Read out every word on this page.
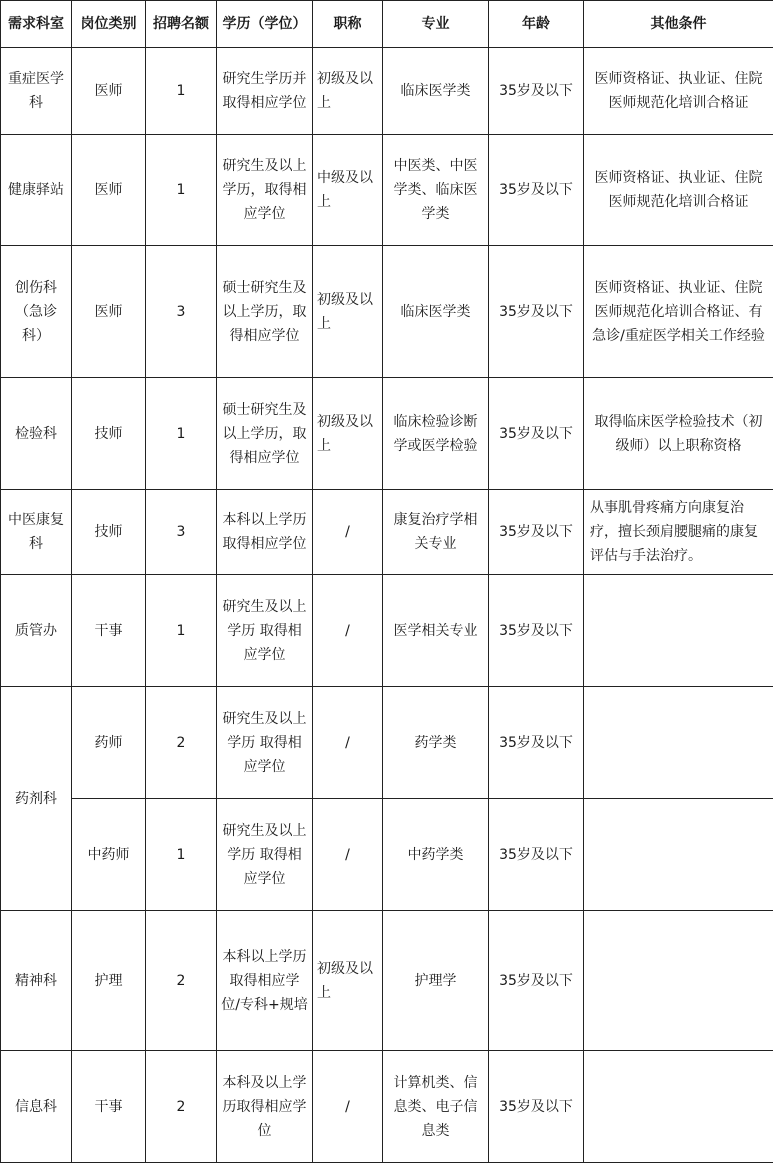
需求科室	岗位类别	招聘名额	学历（学位）	职称	专业	年龄	其他条件
重症医学科	医师	1	研究生学历并取得相应学位	初级及以上	临床医学类	35岁及以下	医师资格证、执业证、住院医师规范化培训合格证
健康驿站	医师	1	研究生及以上学历，取得相应学位	中级及以上	中医类、中医学类、临床医学类	35岁及以下	医师资格证、执业证、住院医师规范化培训合格证
创伤科（急诊科）	医师	3	硕士研究生及以上学历，取得相应学位	初级及以上	临床医学类	35岁及以下	医师资格证、执业证、住院医师规范化培训合格证、有急诊/重症医学相关工作经验
检验科	技师	1	硕士研究生及以上学历，取得相应学位	初级及以上	临床检验诊断学或医学检验	35岁及以下	取得临床医学检验技术（初级师）以上职称资格
中医康复科	技师	3	本科以上学历取得相应学位	/	康复治疗学相关专业	35岁及以下	从事肌骨疼痛方向康复治疗，擅长颈肩腰腿痛的康复评估与手法治疗。
质管办	干事	1	研究生及以上学历 取得相应学位	/	医学相关专业	35岁及以下	
药剂科	药师	2	研究生及以上学历 取得相应学位	/	药学类	35岁及以下	
	中药师	1	研究生及以上学历 取得相应学位	/	中药学类	35岁及以下	
精神科	护理	2	本科以上学历取得相应学位/专科+规培	初级及以上	护理学	35岁及以下	
信息科	干事	2	本科及以上学历取得相应学位	/	计算机类、信息类、电子信息类	35岁及以下	
